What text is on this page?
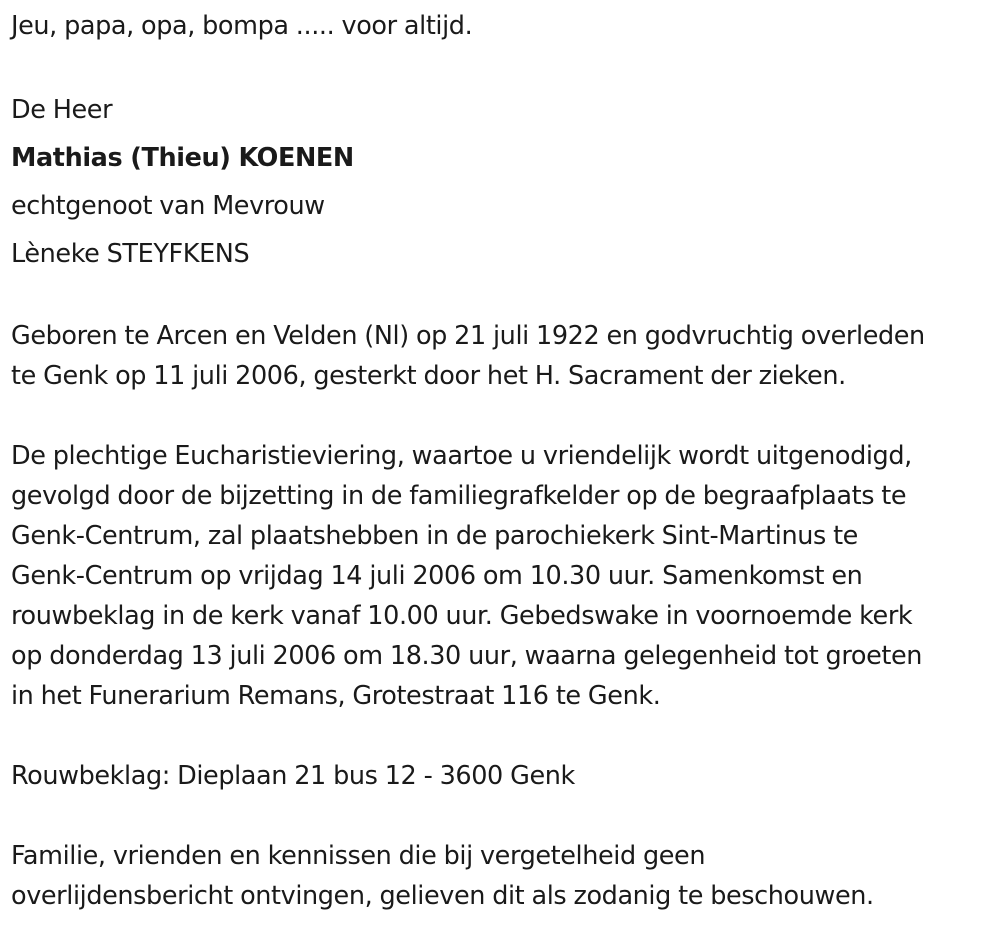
Jeu, papa, opa, bompa ..... voor altijd.
De Heer
Mathias (Thieu) KOENEN
echtgenoot van Mevrouw
Lèneke STEYFKENS
Geboren te Arcen en Velden (Nl) op 21 juli 1922 en godvruchtig overleden
te Genk op 11 juli 2006, gesterkt door het H. Sacrament der zieken.
De plechtige Eucharistieviering, waartoe u vriendelijk wordt uitgenodigd,
gevolgd door de bijzetting in de familiegrafkelder op de begraafplaats te
Genk-Centrum, zal plaatshebben in de parochiekerk Sint-Martinus te
Genk-Centrum op vrijdag 14 juli 2006 om 10.30 uur. Samenkomst en
rouwbeklag in de kerk vanaf 10.00 uur. Gebedswake in voornoemde kerk
op donderdag 13 juli 2006 om 18.30 uur, waarna gelegenheid tot groeten
in het Funerarium Remans, Grotestraat 116 te Genk.
Rouwbeklag: Dieplaan 21 bus 12 - 3600 Genk
Familie, vrienden en kennissen die bij vergetelheid geen
overlijdensbericht ontvingen, gelieven dit als zodanig te beschouwen.
